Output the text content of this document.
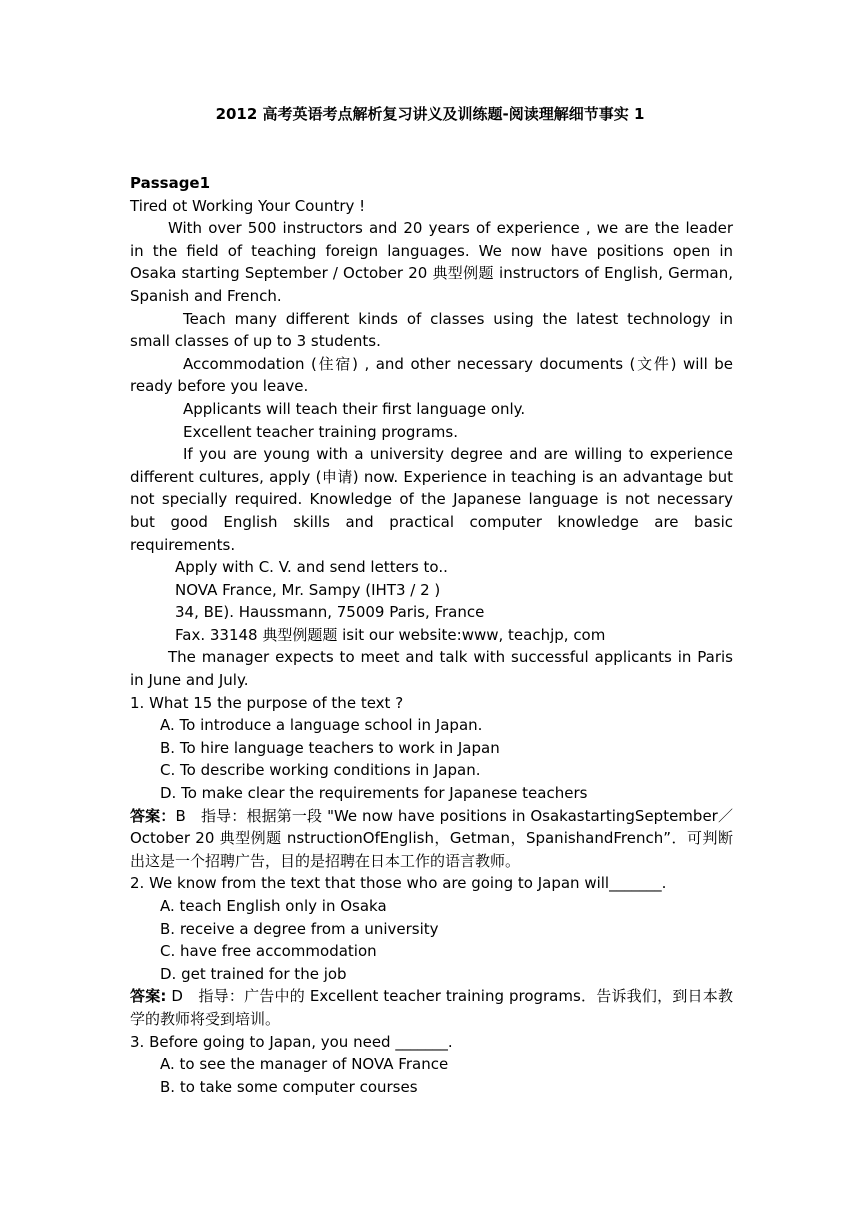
2012 高考英语考点解析复习讲义及训练题-阅读理解细节事实 1

Passage1

Tired ot Working Your Country !

With over 500 instructors and 20 years of experience , we are the leader in the field of teaching foreign languages. We now have positions open in Osaka starting September / October 20 典型例题 instructors of English, German, Spanish and French.

Teach many different kinds of classes using the latest technology in small classes of up to 3 students.

Accommodation (住宿) , and other necessary documents (文件) will be ready before you leave.

Applicants will teach their first language only.

Excellent teacher training programs.

If you are young with a university degree and are willing to experience different cultures, apply (申请) now. Experience in teaching is an advantage but not specially required. Knowledge of the Japanese language is not necessary but good English skills and practical computer knowledge are basic requirements.

Apply with C. V. and send letters to..

NOVA France, Mr. Sampy (IHT3 / 2 )

34, BE). Haussmann, 75009 Paris, France

Fax. 33148 典型例题题 isit our website:www, teachjp, com

The manager expects to meet and talk with successful applicants in Paris in June and July.

1. What 15 the purpose of the text ?

A. To introduce a language school in Japan.

B. To hire language teachers to work in Japan

C. To describe working conditions in Japan.

D. To make clear the requirements for Japanese teachers

答案：B　指导：根据第一段 "We now have positions in OsakastartingSeptember／October 20 典型例题 nstructionOfEnglish，Getman，SpanishandFrench”．可判断出这是一个招聘广告，目的是招聘在日本工作的语言教师。

2. We know from the text that those who are going to Japan will_______.

A. teach English only in Osaka

B. receive a degree from a university

C. have free accommodation

D. get trained for the job

答案: D　指导：广告中的 Excellent teacher training programs．告诉我们，到日本教学的教师将受到培训。

3. Before going to Japan, you need _______.

A. to see the manager of NOVA France

B. to take some computer courses
